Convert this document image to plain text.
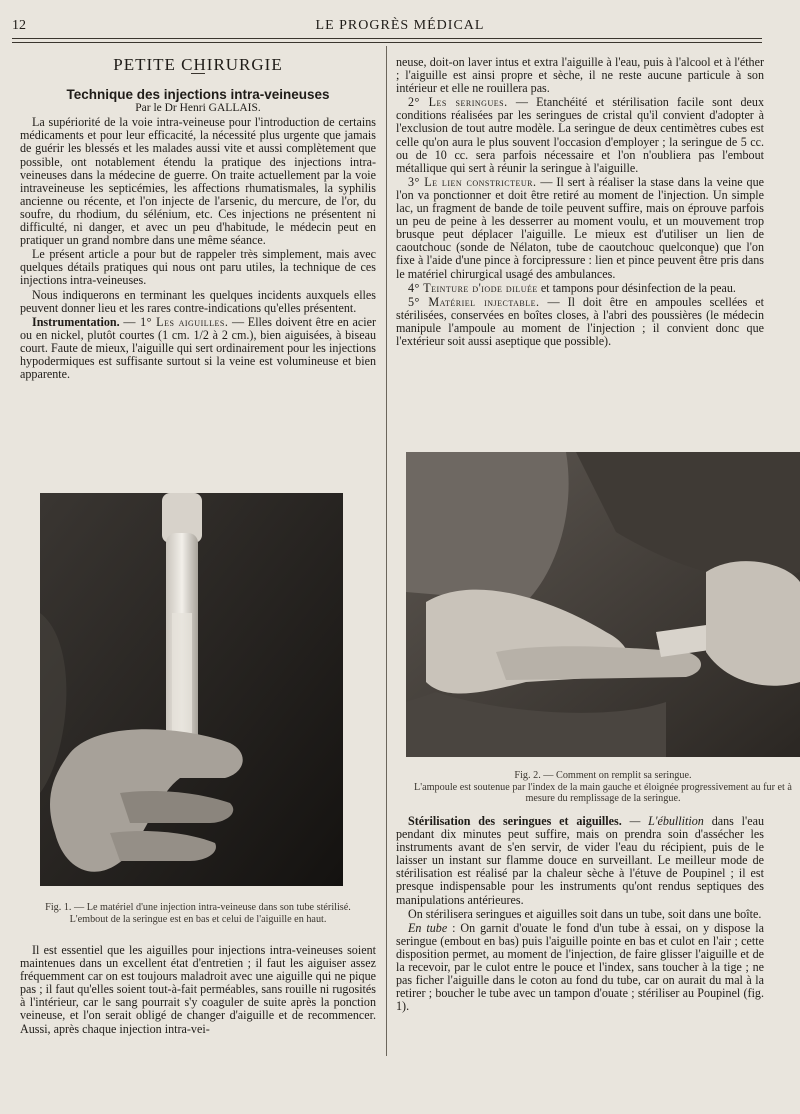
12	LE PROGRÈS MÉDICAL

PETITE CHIRURGIE

Technique des injections intra-veineuses

Par le Dr Henri GALLAIS.

La supériorité de la voie intra-veineuse pour l'introduction de certains médicaments et pour leur efficacité, la nécessité plus urgente que jamais de guérir les blessés et les malades aussi vite et aussi complètement que possible, ont notablement étendu la pratique des injections intra-veineuses dans la médecine de guerre. On traite actuellement par la voie intraveineuse les septicémies, les affections rhumatismales, la syphilis ancienne ou récente, et l'on injecte de l'arsenic, du mercure, de l'or, du soufre, du rhodium, du sélénium, etc. Ces injections ne présentent ni difficulté, ni danger, et avec un peu d'habitude, le médecin peut en pratiquer un grand nombre dans une même séance.

Le présent article a pour but de rappeler très simplement, mais avec quelques détails pratiques qui nous ont paru utiles, la technique de ces injections intra-veineuses.

Nous indiquerons en terminant les quelques incidents auxquels elles peuvent donner lieu et les rares contre-indications qu'elles présentent.

Instrumentation. — 1° Les aiguilles. — Elles doivent être en acier ou en nickel, plutôt courtes (1 cm. 1/2 à 2 cm.), bien aiguisées, à biseau court. Faute de mieux, l'aiguille qui sert ordinairement pour les injections hypodermiques est suffisante surtout si la veine est volumineuse et bien apparente.

Fig. 1. — Le matériel d'une injection intra-veineuse dans son tube stérilisé.
L'embout de la seringue est en bas et celui de l'aiguille en haut.

Il est essentiel que les aiguilles pour injections intra-veineuses soient maintenues dans un excellent état d'entretien ; il faut les aiguiser assez fréquemment car on est toujours maladroit avec une aiguille qui ne pique pas ; il faut qu'elles soient tout-à-fait perméables, sans rouille ni rugosités à l'intérieur, car le sang pourrait s'y coaguler de suite après la ponction veineuse, et l'on serait obligé de changer d'aiguille et de recommencer. Aussi, après chaque injection intra-vei-

neuse, doit-on laver intus et extra l'aiguille à l'eau, puis à l'alcool et à l'éther ; l'aiguille est ainsi propre et sèche, il ne reste aucune particule à son intérieur et elle ne rouillera pas.

2° Les seringues. — Etanchéité et stérilisation facile sont deux conditions réalisées par les seringues de cristal qu'il convient d'adopter à l'exclusion de tout autre modèle. La seringue de deux centimètres cubes est celle qu'on aura le plus souvent l'occasion d'employer ; la seringue de 5 cc. ou de 10 cc. sera parfois nécessaire et l'on n'oubliera pas l'embout métallique qui sert à réunir la seringue à l'aiguille.

3° Le lien constricteur. — Il sert à réaliser la stase dans la veine que l'on va ponctionner et doit être retiré au moment de l'injection. Un simple lac, un fragment de bande de toile peuvent suffire, mais on éprouve parfois un peu de peine à les desserrer au moment voulu, et un mouvement trop brusque peut déplacer l'aiguille. Le mieux est d'utiliser un lien de caoutchouc (sonde de Nélaton, tube de caoutchouc quelconque) que l'on fixe à l'aide d'une pince à forcipressure : lien et pince peuvent être pris dans le matériel chirurgical usagé des ambulances.

4° Teinture d'iode diluée et tampons pour désinfection de la peau.

5° Matériel injectable. — Il doit être en ampoules scellées et stérilisées, conservées en boîtes closes, à l'abri des poussières (le médecin manipule l'ampoule au moment de l'injection ; il convient donc que l'extérieur soit aussi aseptique que possible).

Fig. 2. — Comment on remplit sa seringue.
L'ampoule est soutenue par l'index de la main gauche et éloignée progressivement au fur et à mesure du remplissage de la seringue.

Stérilisation des seringues et aiguilles. — L'ébullition dans l'eau pendant dix minutes peut suffire, mais on prendra soin d'assécher les instruments avant de s'en servir, de vider l'eau du récipient, puis de le laisser un instant sur flamme douce en surveillant. Le meilleur mode de stérilisation est réalisé par la chaleur sèche à l'étuve de Poupinel ; il est presque indispensable pour les instruments qu'ont rendus septiques des manipulations antérieures.

On stérilisera seringues et aiguilles soit dans un tube, soit dans une boîte.

En tube : On garnit d'ouate le fond d'un tube à essai, on y dispose la seringue (embout en bas) puis l'aiguille pointe en bas et culot en l'air ; cette disposition permet, au moment de l'injection, de faire glisser l'aiguille et de la recevoir, par le culot entre le pouce et l'index, sans toucher à la tige ; ne pas ficher l'aiguille dans le coton au fond du tube, car on aurait du mal à la retirer ; boucher le tube avec un tampon d'ouate ; stériliser au Poupinel (fig. 1).
